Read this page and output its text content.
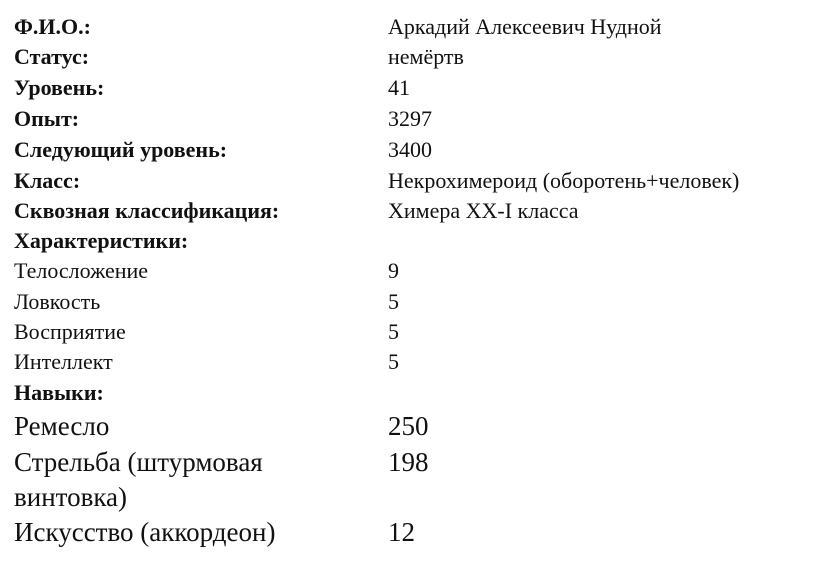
Ф.И.О.:	Аркадий Алексеевич Нудной
Статус:	немёртв
Уровень:	41
Опыт:	3297
Следующий уровень:	3400
Класс:	Некрохимероид (оборотень+человек)
Сквозная классификация:	Химера XX-I класса
Характеристики:
Телосложение	9
Ловкость	5
Восприятие	5
Интеллект	5
Навыки:
Ремесло	250
Стрельба (штурмовая	198
винтовка)
Искусство (аккордеон)	12
